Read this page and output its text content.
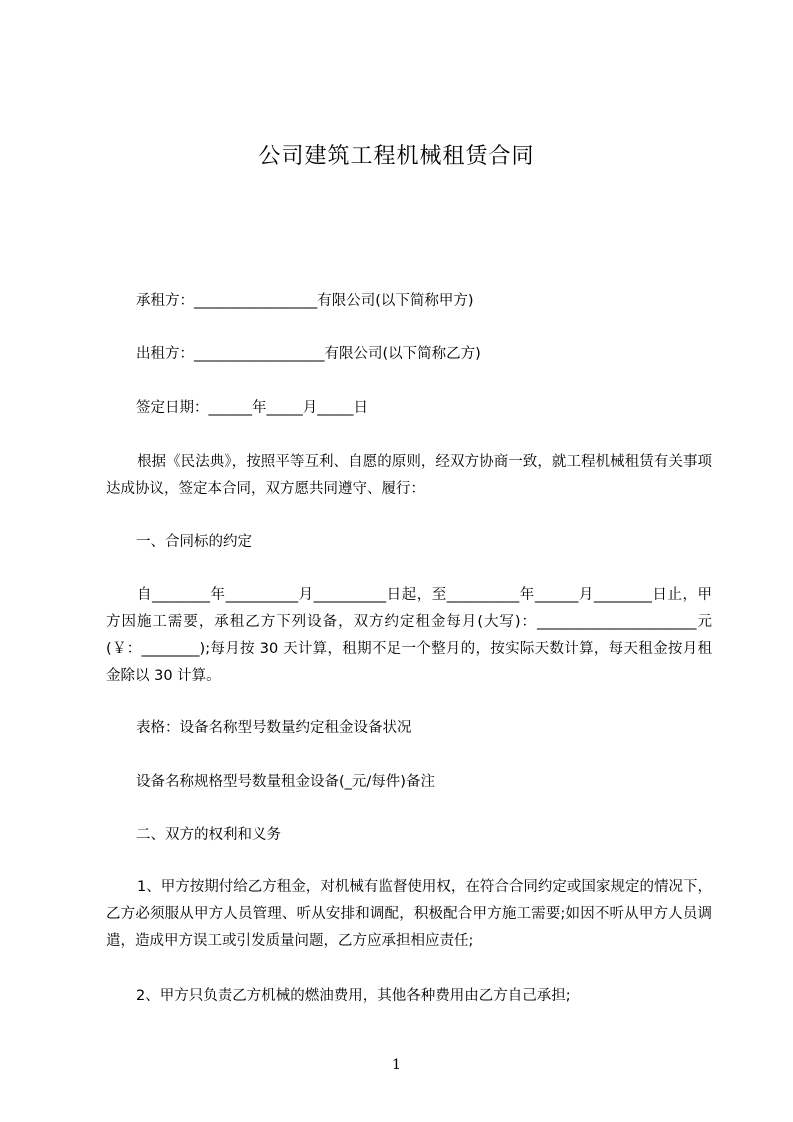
公司建筑工程机械租赁合同
承租方：_________________有限公司(以下简称甲方)
出租方：__________________有限公司(以下简称乙方)
签定日期：______年_____月_____日
根据《民法典》，按照平等互利、自愿的原则，经双方协商一致，就工程机械租赁有关事项达成协议，签定本合同，双方愿共同遵守、履行：
一、合同标的约定
自________年__________月__________日起，至__________年______月________日止，甲方因施工需要，承租乙方下列设备，双方约定租金每月(大写)：______________________元(￥：________);每月按 30 天计算，租期不足一个整月的，按实际天数计算，每天租金按月租金除以 30 计算。
表格：设备名称型号数量约定租金设备状况
设备名称规格型号数量租金设备(_元/每件)备注
二、双方的权利和义务
1、甲方按期付给乙方租金，对机械有监督使用权，在符合合同约定或国家规定的情况下，乙方必须服从甲方人员管理、听从安排和调配，积极配合甲方施工需要;如因不听从甲方人员调遣，造成甲方误工或引发质量问题，乙方应承担相应责任;
2、甲方只负责乙方机械的燃油费用，其他各种费用由乙方自己承担;
1
